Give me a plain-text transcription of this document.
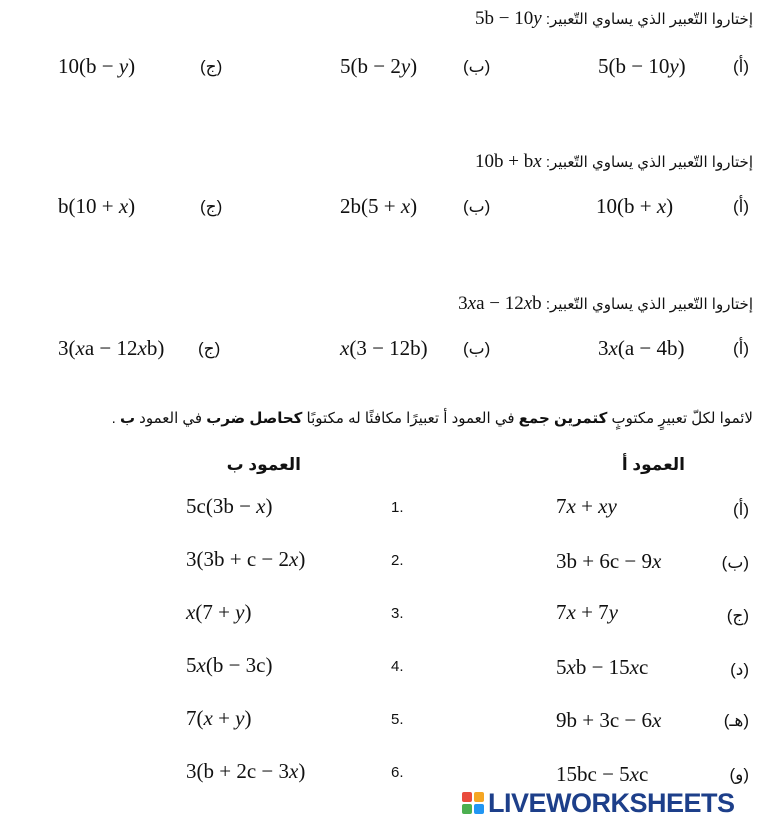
إختاروا التّعبير الذي يساوي التّعبير: 5b − 10y
(أ)
5(b − 10y)
(ب)
5(b − 2y)
(ج)
10(b − y)
إختاروا التّعبير الذي يساوي التّعبير: 10b + bx
(أ)
10(b + x)
(ب)
2b(5 + x)
(ج)
b(10 + x)
إختاروا التّعبير الذي يساوي التّعبير: 3xa − 12xb
(أ)
3x(a − 4b)
(ب)
x(3 − 12b)
(ج)
3(xa − 12xb)
لائموا لكلّ تعبيرٍ مكتوبٍ كتمرين جمع في العمود أ تعبيرًا مكافئًا له مكتوبًا كحاصل ضرب في العمود ب .
العمود أ
العمود ب
(أ)
7x + xy
(ب)
3b + 6c − 9x
(ج)
7x + 7y
(د)
5xb − 15xc
(هـ)
9b + 3c − 6x
(و)
15bc − 5xc
.1
5c(3b − x)
.2
3(3b + c − 2x)
.3
x(7 + y)
.4
5x(b − 3c)
.5
7(x + y)
.6
3(b + 2c − 3x)
LIVEWORKSHEETS
